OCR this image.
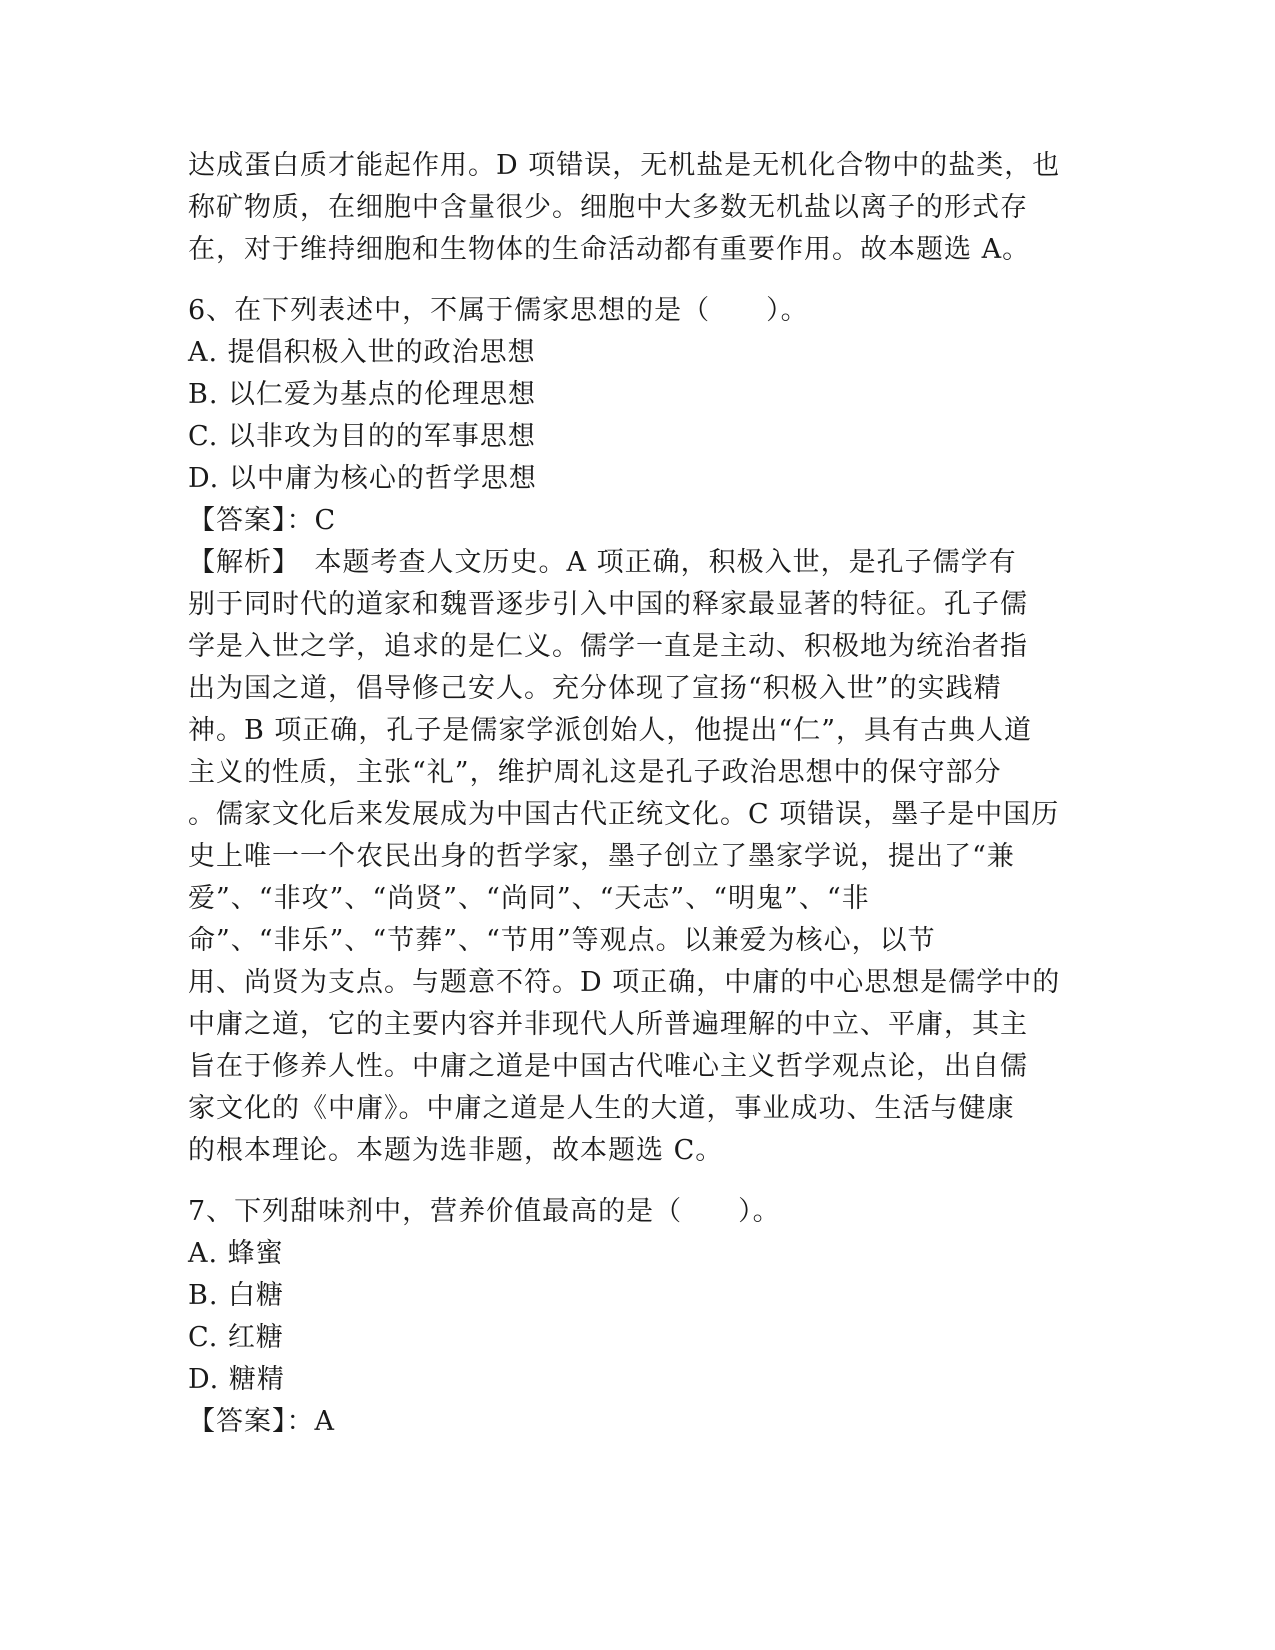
达成蛋白质才能起作用。D 项错误，无机盐是无机化合物中的盐类，也
称矿物质，在细胞中含量很少。细胞中大多数无机盐以离子的形式存
在，对于维持细胞和生物体的生命活动都有重要作用。故本题选 A。
6、在下列表述中，不属于儒家思想的是（　　）。
A. 提倡积极入世的政治思想
B. 以仁爱为基点的伦理思想
C. 以非攻为目的的军事思想
D. 以中庸为核心的哲学思想
【答案】：C
【解析】　本题考查人文历史。A 项正确，积极入世，是孔子儒学有
别于同时代的道家和魏晋逐步引入中国的释家最显著的特征。孔子儒
学是入世之学，追求的是仁义。儒学一直是主动、积极地为统治者指
出为国之道，倡导修己安人。充分体现了宣扬“积极入世”的实践精
神。B 项正确，孔子是儒家学派创始人，他提出“仁”，具有古典人道
主义的性质，主张“礼”，维护周礼这是孔子政治思想中的保守部分
。儒家文化后来发展成为中国古代正统文化。C 项错误，墨子是中国历
史上唯一一个农民出身的哲学家，墨子创立了墨家学说，提出了“兼
爱”、“非攻”、“尚贤”、“尚同”、“天志”、“明鬼”、“非
命”、“非乐”、“节葬”、“节用”等观点。以兼爱为核心，以节
用、尚贤为支点。与题意不符。D 项正确，中庸的中心思想是儒学中的
中庸之道，它的主要内容并非现代人所普遍理解的中立、平庸，其主
旨在于修养人性。中庸之道是中国古代唯心主义哲学观点论，出自儒
家文化的《中庸》。中庸之道是人生的大道，事业成功、生活与健康
的根本理论。本题为选非题，故本题选 C。
7、下列甜味剂中，营养价值最高的是（　　）。
A. 蜂蜜
B. 白糖
C. 红糖
D. 糖精
【答案】：A
